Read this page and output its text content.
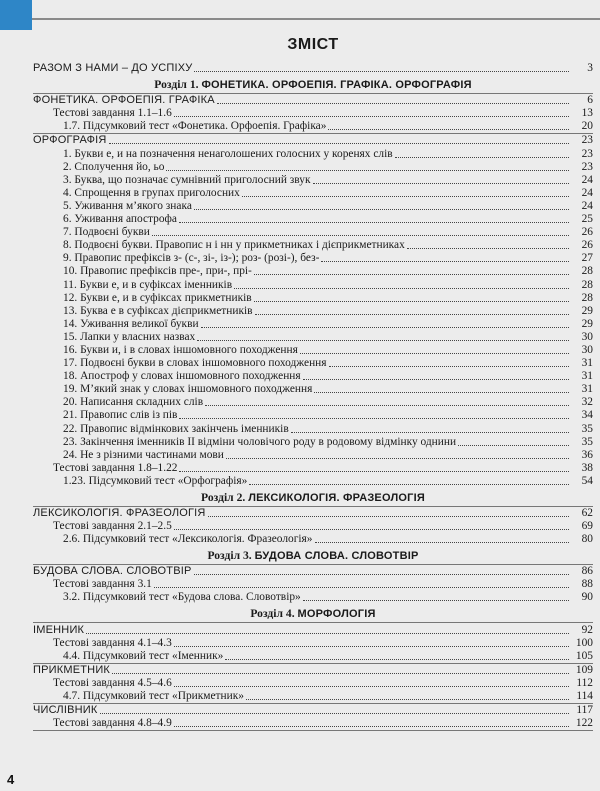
ЗМІСТ
РАЗОМ З НАМИ – ДО УСПІХУ	3
Розділ 1. ФОНЕТИКА. ОРФОЕПІЯ. ГРАФІКА. ОРФОГРАФІЯ
ФОНЕТИКА. ОРФОЕПІЯ. ГРАФІКА	6
Тестові завдання 1.1–1.6	13
1.7. Підсумковий тест «Фонетика. Орфоепія. Графіка»	20
ОРФОГРАФІЯ	23
1. Букви е, и на позначення ненаголошених голосних у коренях слів	23
2. Сполучення йо, ьо	23
3. Буква, що позначає сумнівний приголосний звук	24
4. Спрощення в групах приголосних	24
5. Уживання м’якого знака	24
6. Уживання апострофа	25
7. Подвоєні букви	26
8. Подвоєні букви. Правопис н і нн у прикметниках і дієприкметниках	26
9. Правопис префіксів з- (с-, зі-, із-); роз- (розі-), без-	27
10. Правопис префіксів пре-, при-, прі-	28
11. Букви е, и в суфіксах іменників	28
12. Букви е, и в суфіксах прикметників	28
13. Буква е в суфіксах дієприкметників	29
14. Уживання великої букви	29
15. Лапки у власних назвах	30
16. Букви и, і в словах іншомовного походження	30
17. Подвоєні букви в словах іншомовного походження	31
18. Апостроф у словах іншомовного походження	31
19. М’який знак у словах іншомовного походження	31
20. Написання складних слів	32
21. Правопис слів із пів	34
22. Правопис відмінкових закінчень іменників	35
23. Закінчення іменників ІІ відміни чоловічого роду в родовому відмінку однини	35
24. Не з різними частинами мови	36
Тестові завдання 1.8–1.22	38
1.23. Підсумковий тест «Орфографія»	54
Розділ 2. ЛЕКСИКОЛОГІЯ. ФРАЗЕОЛОГІЯ
ЛЕКСИКОЛОГІЯ. ФРАЗЕОЛОГІЯ	62
Тестові завдання 2.1–2.5	69
2.6. Підсумковий тест «Лексикологія. Фразеологія»	80
Розділ 3. БУДОВА СЛОВА. СЛОВОТВІР
БУДОВА СЛОВА. СЛОВОТВІР	86
Тестові завдання 3.1	88
3.2. Підсумковий тест «Будова слова. Словотвір»	90
Розділ 4. МОРФОЛОГІЯ
ІМЕННИК	92
Тестові завдання 4.1–4.3	100
4.4. Підсумковий тест «Іменник»	105
ПРИКМЕТНИК	109
Тестові завдання 4.5–4.6	112
4.7. Підсумковий тест «Прикметник»	114
ЧИСЛІВНИК	117
Тестові завдання 4.8–4.9	122
4
